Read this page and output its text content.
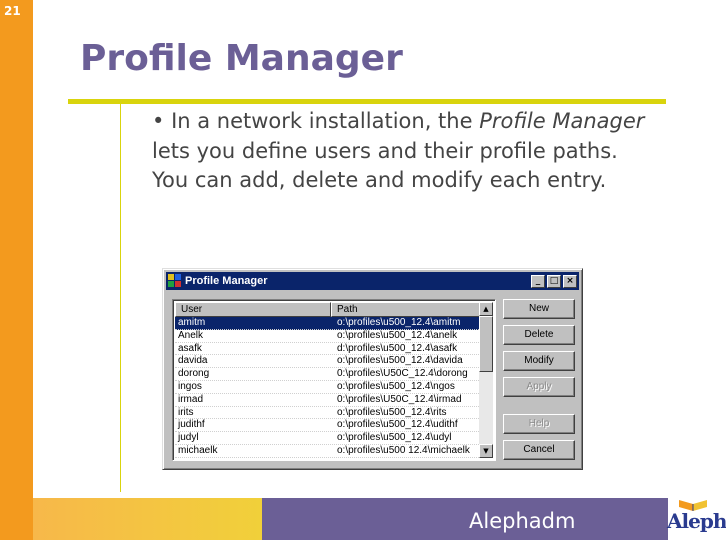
21
Profile Manager
• In a network installation, the Profile Manager lets you define users and their profile paths. You can add, delete and modify each entry.
Profile Manager	_	□ ×
User	Path
amitm	o:\profiles\u500_12.4\amitm
Anelk	o:\profiles\u500_12.4\anelk
asafk	d:\profiles\u500_12.4\asafk
davida	o:\profiles\u500_12.4\davida
dorong	0:\profiles\U50C_12.4\dorong
ingos	o:\profiles\u500_12.4\ngos
irmad	0:\profiles\U50C_12.4\irmad
irits	o:\profiles\u500_12.4\rits
judithf	o:\profiles\u500_12.4\udithf
judyl	o:\profiles\u500_12.4\udyl
michaelk	o:\profiles\u500 12.4\michaelk
▲
▼
New
Delete
Modify
Apply
Help
Cancel
Alephadm	Aleph
